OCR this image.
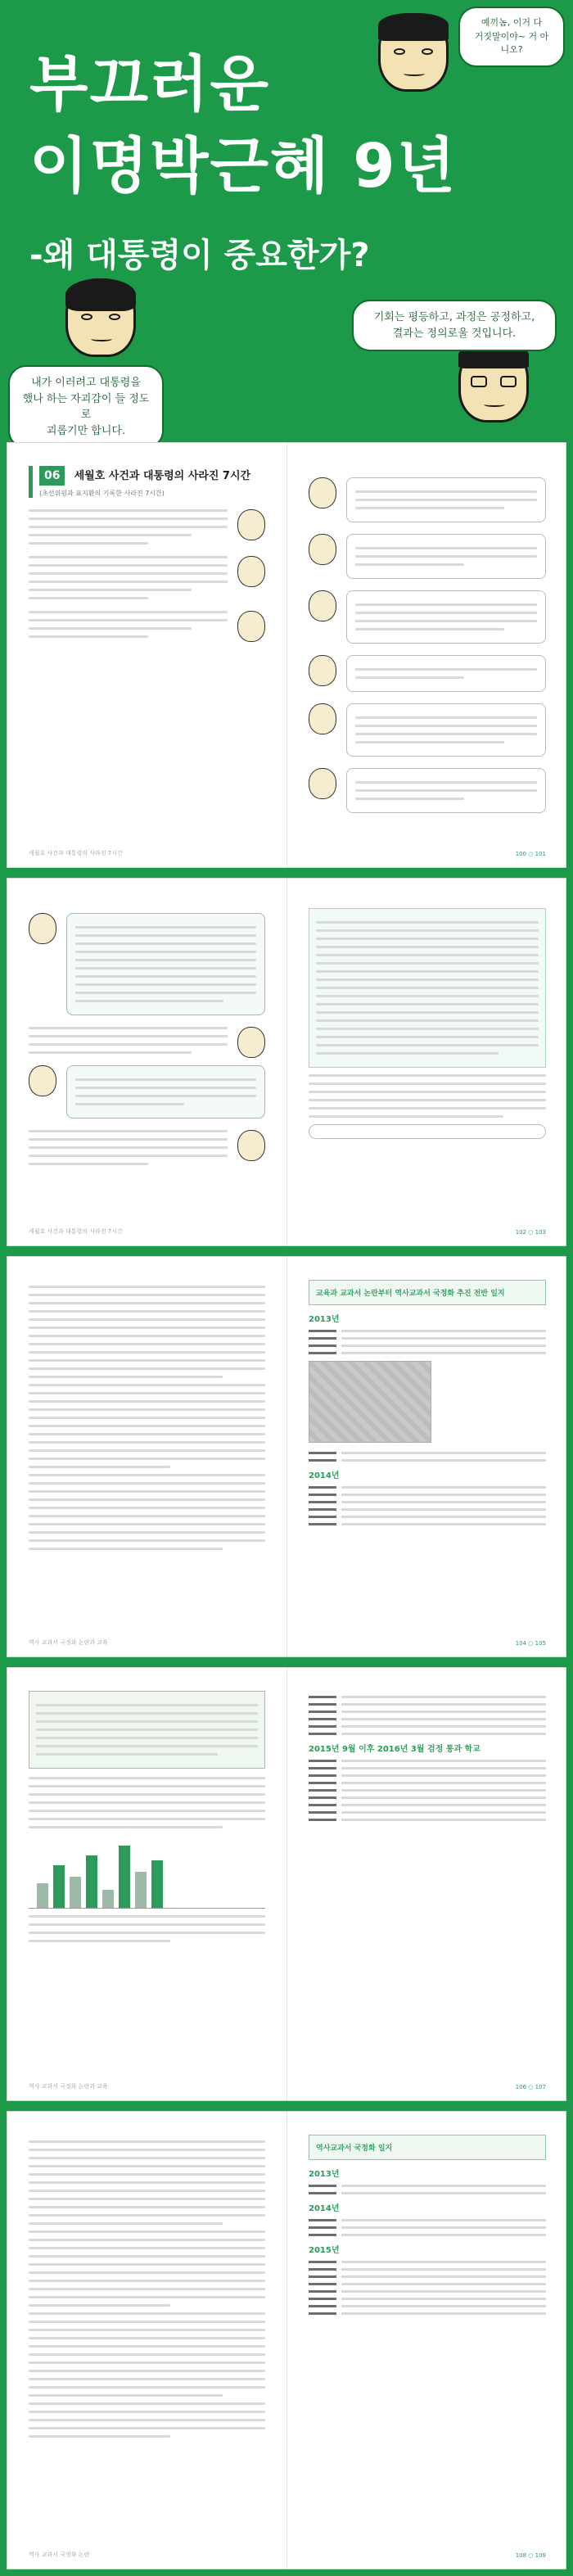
부끄러운
이명박근혜 9년
-왜 대통령이 중요한가?
예끼놈, 이거 다
거짓말이야~ 거 아니오?
내가 이러려고 대통령을
했나 하는 자괴감이 들 정도로
괴롭기만 합니다.
기회는 평등하고, 과정은 공정하고,
결과는 정의로울 것입니다.
06 세월호 사건과 대통령의 사라진 7시간
(초선위원과 표지환의 기록한 사라진 7시간)
세월호 사건과 대통령의 사라진 7시간	100 ○ 101
세월호 사건과 대통령의 사라진 7시간	102 ○ 103
역사 교과서 국정화 논란과 교육
교육과 교과서 논란부터 역사교과서 국정화 추진 전반 일지
2013년
2014년
104 ○ 105
역사 교과서 국정화 논란과 교육
2015년 9월 이후 2016년 3월 검정 통과 학교
106 ○ 107
역사 교과서 국정화 논란
역사교과서 국정화 일지
2013년
2014년
2015년
108 ○ 109
